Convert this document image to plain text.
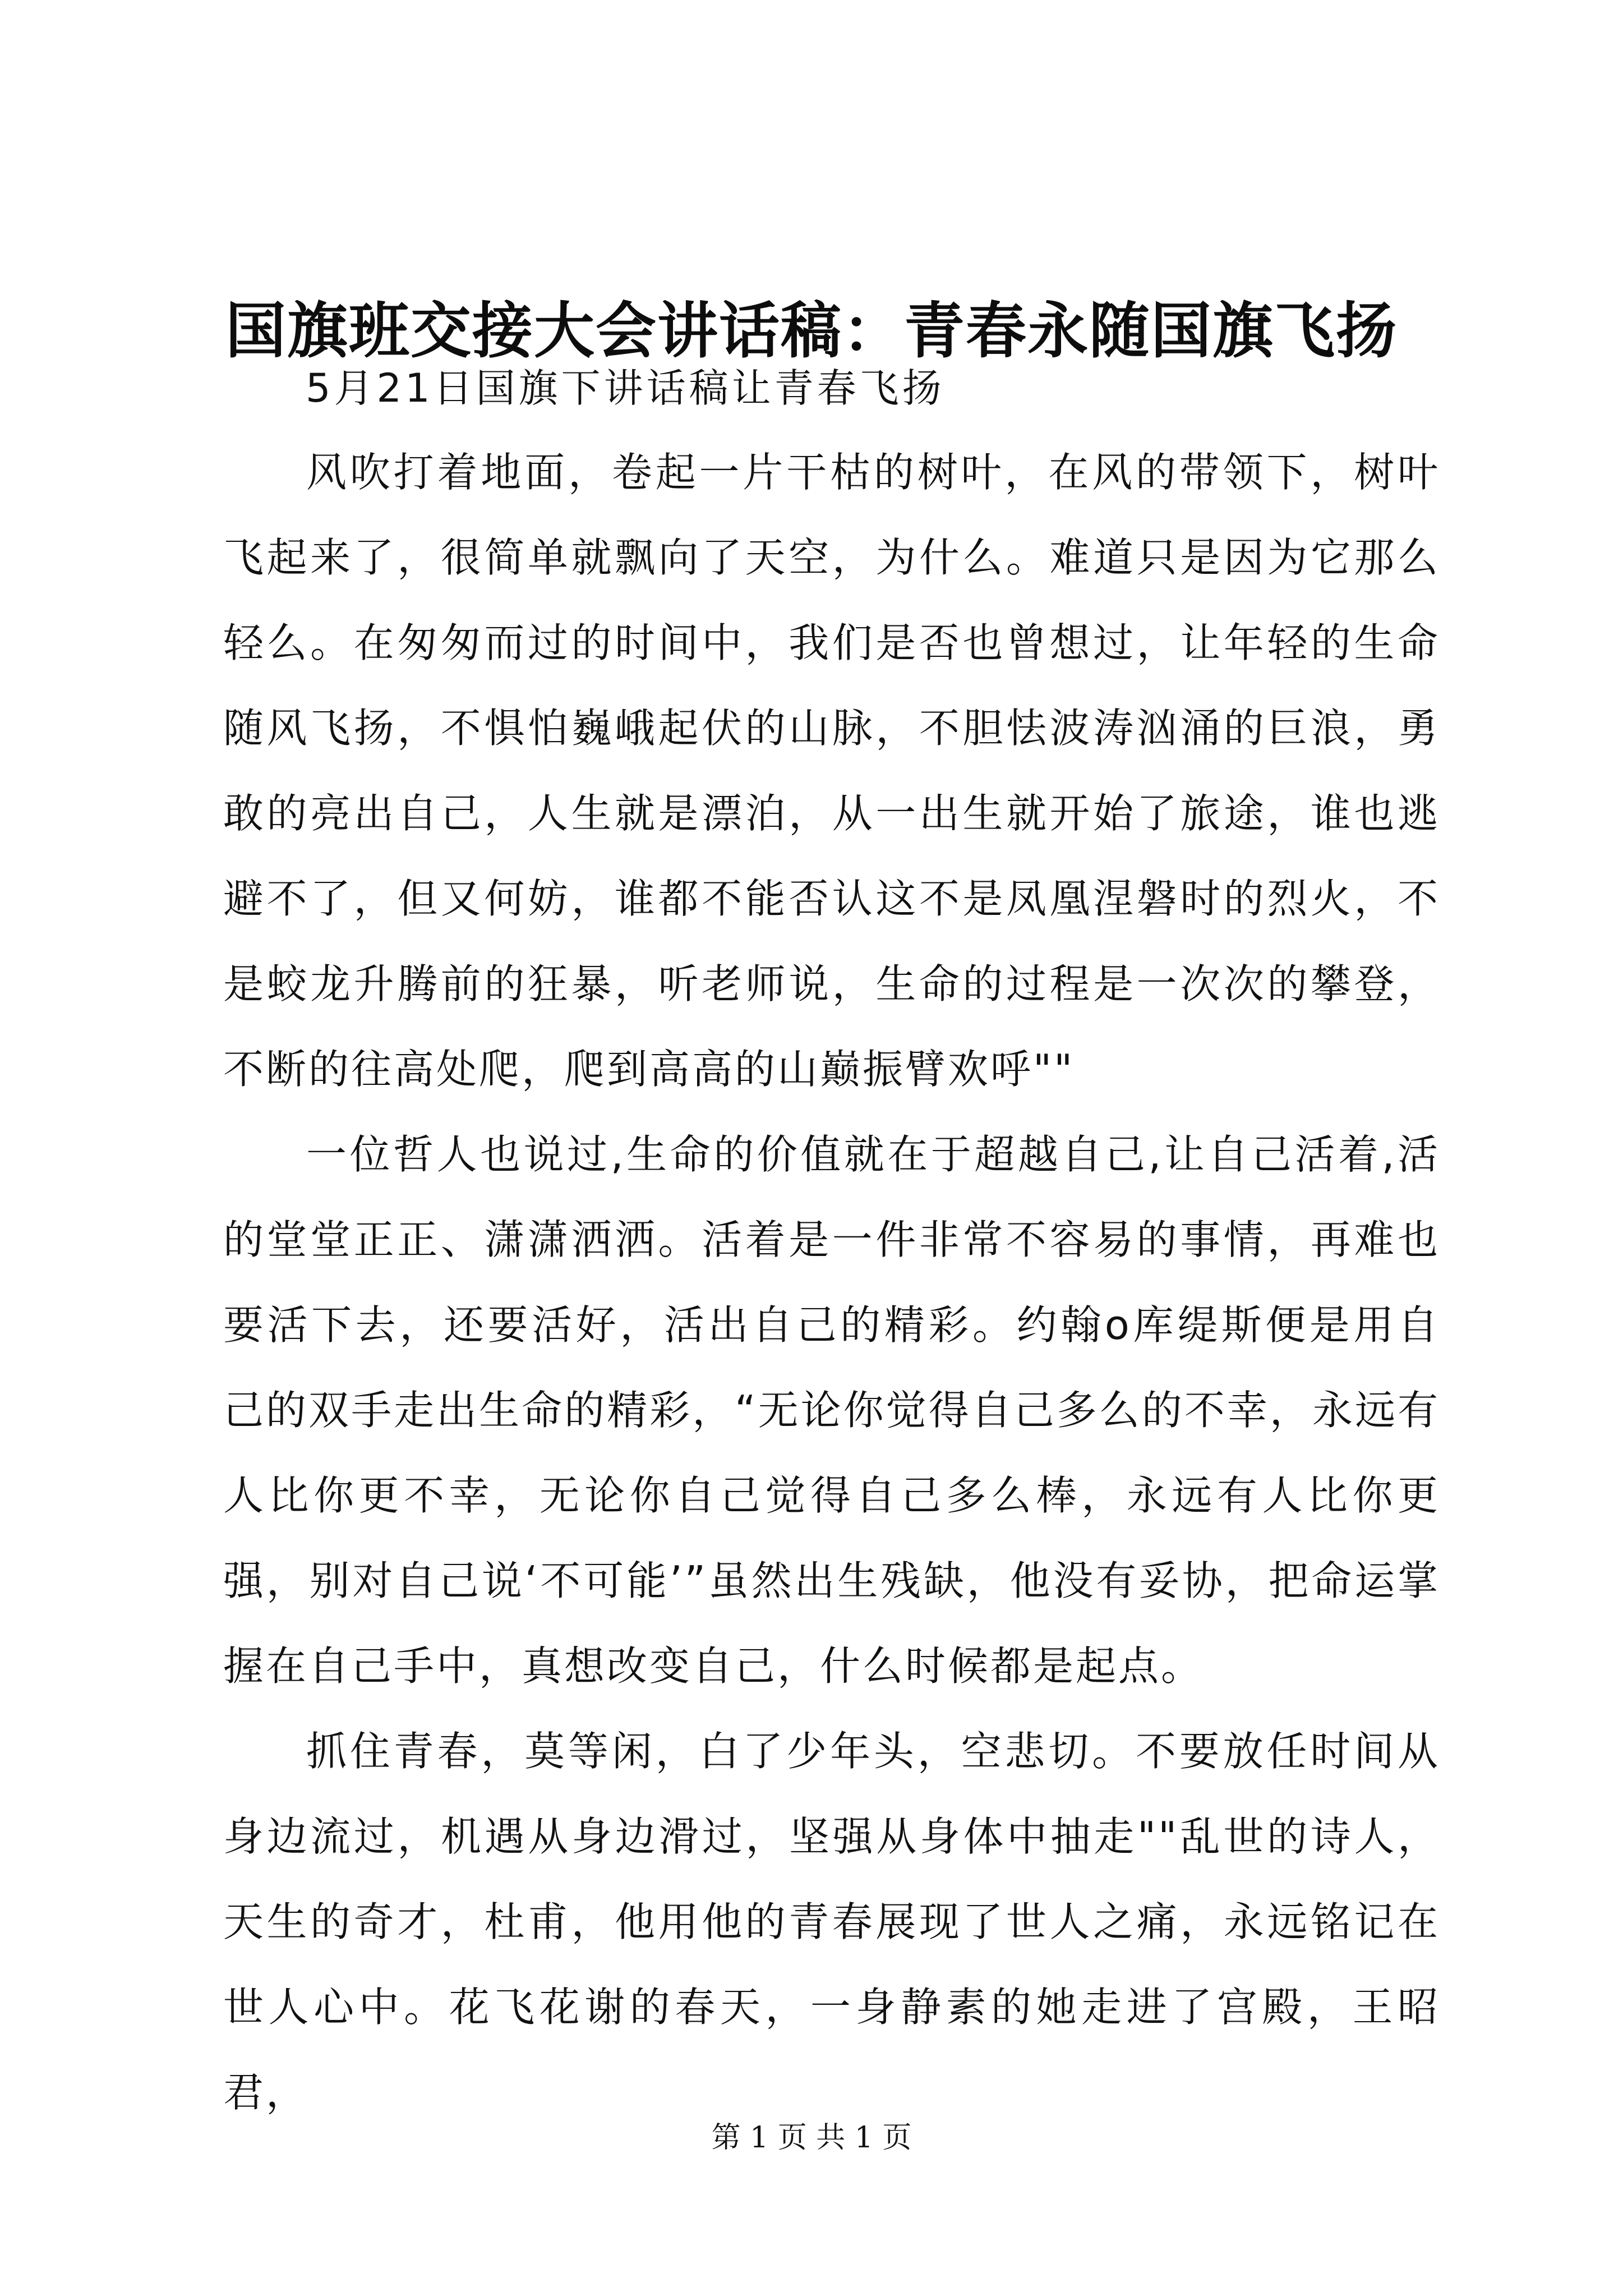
国旗班交接大会讲话稿：青春永随国旗飞扬
5月21日国旗下讲话稿让青春飞扬

风吹打着地面，卷起一片干枯的树叶，在风的带领下，树叶飞起来了，很简单就飘向了天空，为什么。难道只是因为它那么轻么。在匆匆而过的时间中，我们是否也曾想过，让年轻的生命随风飞扬，不惧怕巍峨起伏的山脉，不胆怯波涛汹涌的巨浪，勇敢的亮出自己，人生就是漂泊，从一出生就开始了旅途，谁也逃避不了，但又何妨，谁都不能否认这不是凤凰涅磐时的烈火，不是蛟龙升腾前的狂暴，听老师说，生命的过程是一次次的攀登，不断的往高处爬，爬到高高的山巅振臂欢呼""

一位哲人也说过,生命的价值就在于超越自己,让自己活着,活的堂堂正正、潇潇洒洒。活着是一件非常不容易的事情，再难也要活下去，还要活好，活出自己的精彩。约翰o库缇斯便是用自己的双手走出生命的精彩，“无论你觉得自己多么的不幸，永远有人比你更不幸，无论你自己觉得自己多么棒，永远有人比你更强，别对自己说‘不可能’”虽然出生残缺，他没有妥协，把命运掌握在自己手中，真想改变自己，什么时候都是起点。

抓住青春，莫等闲，白了少年头，空悲切。不要放任时间从身边流过，机遇从身边滑过，坚强从身体中抽走""乱世的诗人，天生的奇才，杜甫，他用他的青春展现了世人之痛，永远铭记在世人心中。花飞花谢的春天，一身静素的她走进了宫殿，王昭君，

第 1 页 共 1 页
